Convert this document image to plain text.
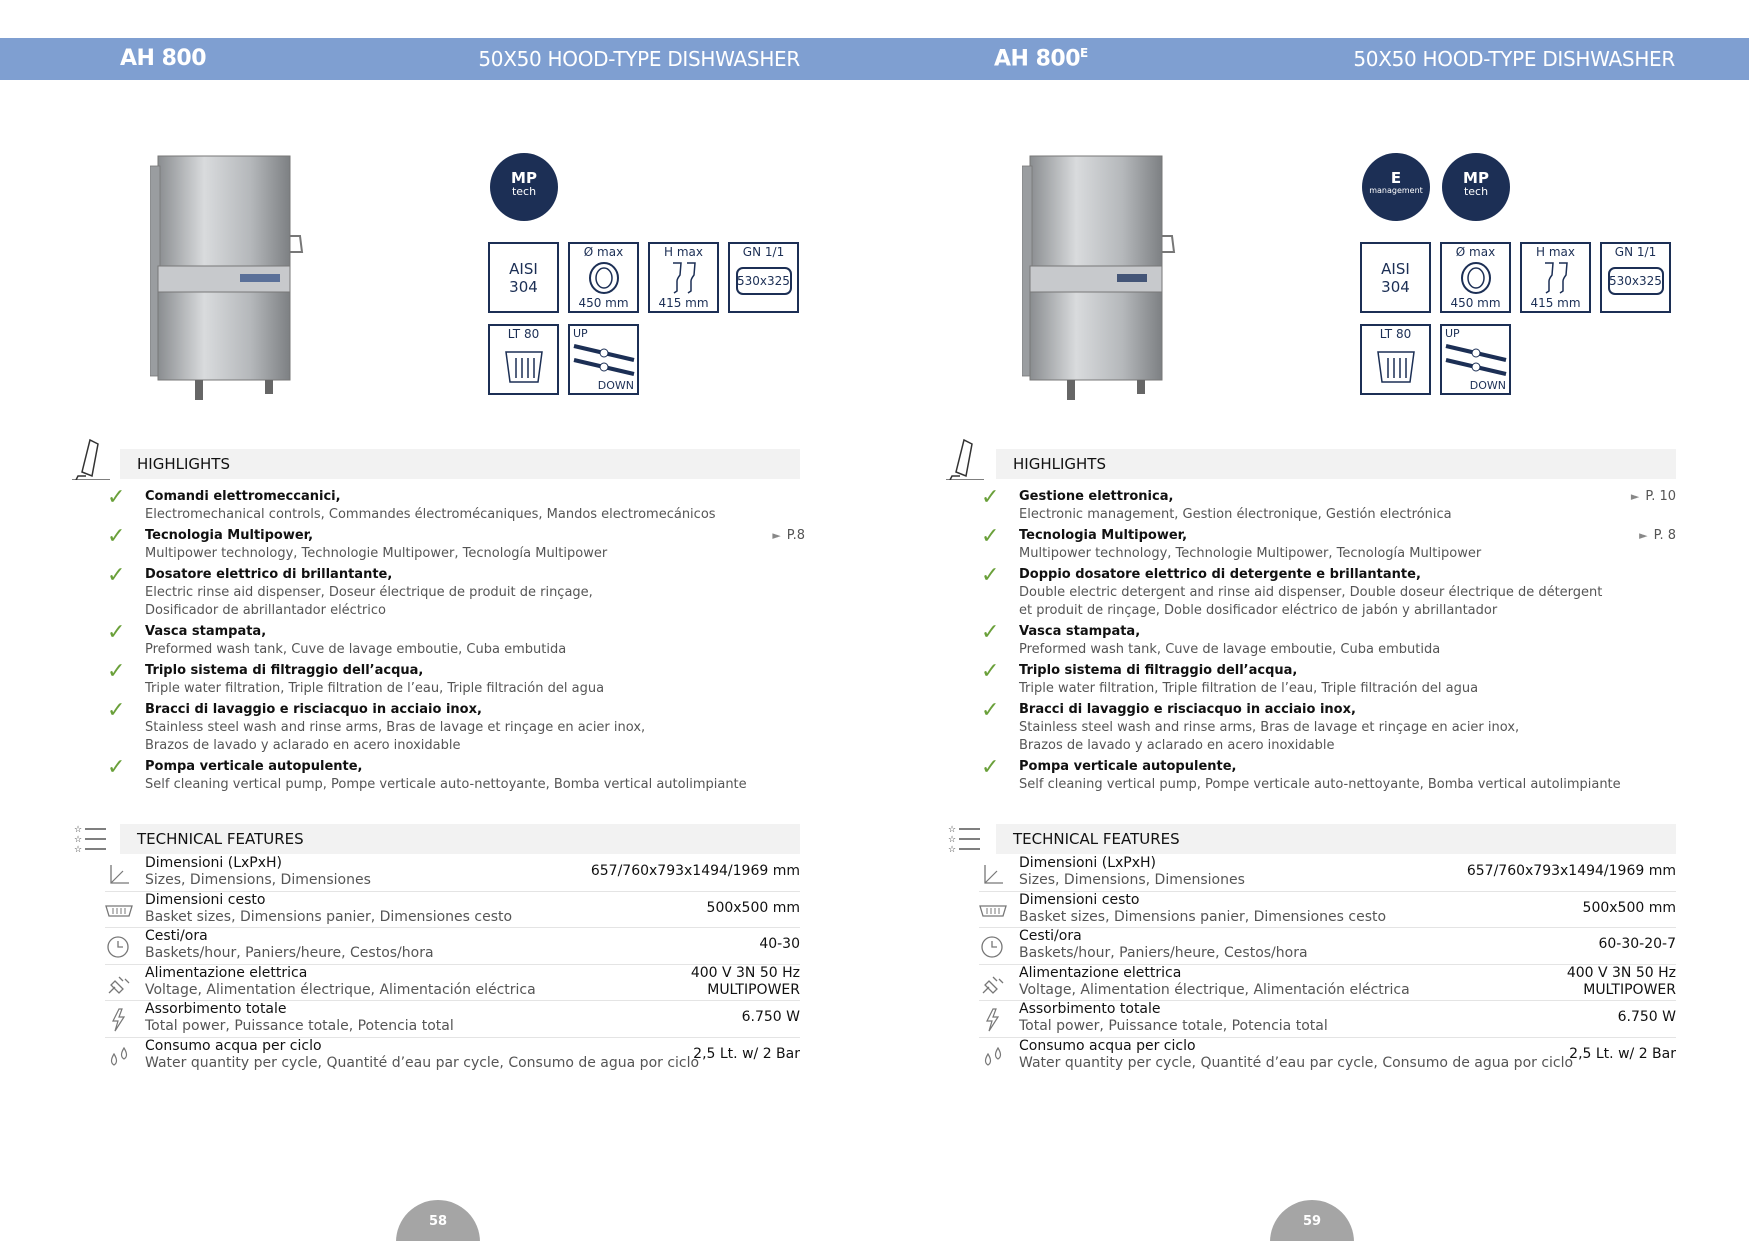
AH 800	50X50 HOOD-TYPE DISHWASHER
MP
tech
AISI
304
Ø max
450 mm
H max
415 mm
GN 1/1
530x325
LT 80	UP
DOWN
HIGHLIGHTS
✓ Comandi elettromeccanici,
Electromechanical controls, Commandes électromécaniques, Mandos electromecánicos
✓ Tecnologia Multipower,
Multipower technology, Technologie Multipower, Tecnología Multipower
► P.8
✓ Dosatore elettrico di brillantante,
Electric rinse aid dispenser, Doseur électrique de produit de rinçage,
Dosificador de abrillantador eléctrico
✓ Vasca stampata,
Preformed wash tank, Cuve de lavage emboutie, Cuba embutida
✓ Triplo sistema di filtraggio dell’acqua,
Triple water filtration, Triple filtration de l’eau, Triple filtración del agua
✓ Bracci di lavaggio e risciacquo in acciaio inox,
Stainless steel wash and rinse arms, Bras de lavage et rinçage en acier inox,
Brazos de lavado y aclarado en acero inoxidable
✓ Pompa verticale autopulente,
Self cleaning vertical pump, Pompe verticale auto-nettoyante, Bomba vertical autolimpiante
☆
☆
☆
TECHNICAL FEATURES
Dimensioni (LxPxH)
Sizes, Dimensions, Dimensiones
657/760x793x1494/1969 mm
Dimensioni cesto
Basket sizes, Dimensions panier, Dimensiones cesto
500x500 mm
Cesti/ora
Baskets/hour, Paniers/heure, Cestos/hora
40-30
Alimentazione elettrica
Voltage, Alimentation électrique, Alimentación eléctrica
400 V 3N 50 Hz
MULTIPOWER
Assorbimento totale
Total power, Puissance totale, Potencia total
6.750 W
Consumo acqua per ciclo
Water quantity per cycle, Quantité d’eau par cycle, Consumo de agua por ciclo
2,5 Lt. w/ 2 Bar
58
AH $800^E$	50X50 HOOD-TYPE DISHWASHER
E
management
MP
tech
AISI
304
Ø max
450 mm
H max
415 mm
GN 1/1
530x325
LT 80	UP
DOWN
HIGHLIGHTS
✓ Gestione elettronica,
Electronic management, Gestion électronique, Gestión electrónica
► P. 10
✓ Tecnologia Multipower,
Multipower technology, Technologie Multipower, Tecnología Multipower
► P. 8
✓ Doppio dosatore elettrico di detergente e brillantante,
Double electric detergent and rinse aid dispenser, Double doseur électrique de détergent
et produit de rinçage, Doble dosificador eléctrico de jabón y abrillantador
✓ Vasca stampata,
Preformed wash tank, Cuve de lavage emboutie, Cuba embutida
✓ Triplo sistema di filtraggio dell’acqua,
Triple water filtration, Triple filtration de l’eau, Triple filtración del agua
✓ Bracci di lavaggio e risciacquo in acciaio inox,
Stainless steel wash and rinse arms, Bras de lavage et rinçage en acier inox,
Brazos de lavado y aclarado en acero inoxidable
✓ Pompa verticale autopulente,
Self cleaning vertical pump, Pompe verticale auto-nettoyante, Bomba vertical autolimpiante
☆
☆
☆
TECHNICAL FEATURES
Dimensioni (LxPxH)
Sizes, Dimensions, Dimensiones
657/760x793x1494/1969 mm
Dimensioni cesto
Basket sizes, Dimensions panier, Dimensiones cesto
500x500 mm
Cesti/ora
Baskets/hour, Paniers/heure, Cestos/hora
60-30-20-7
Alimentazione elettrica
Voltage, Alimentation électrique, Alimentación eléctrica
400 V 3N 50 Hz
MULTIPOWER
Assorbimento totale
Total power, Puissance totale, Potencia total
6.750 W
Consumo acqua per ciclo
Water quantity per cycle, Quantité d’eau par cycle, Consumo de agua por ciclo
2,5 Lt. w/ 2 Bar
59
